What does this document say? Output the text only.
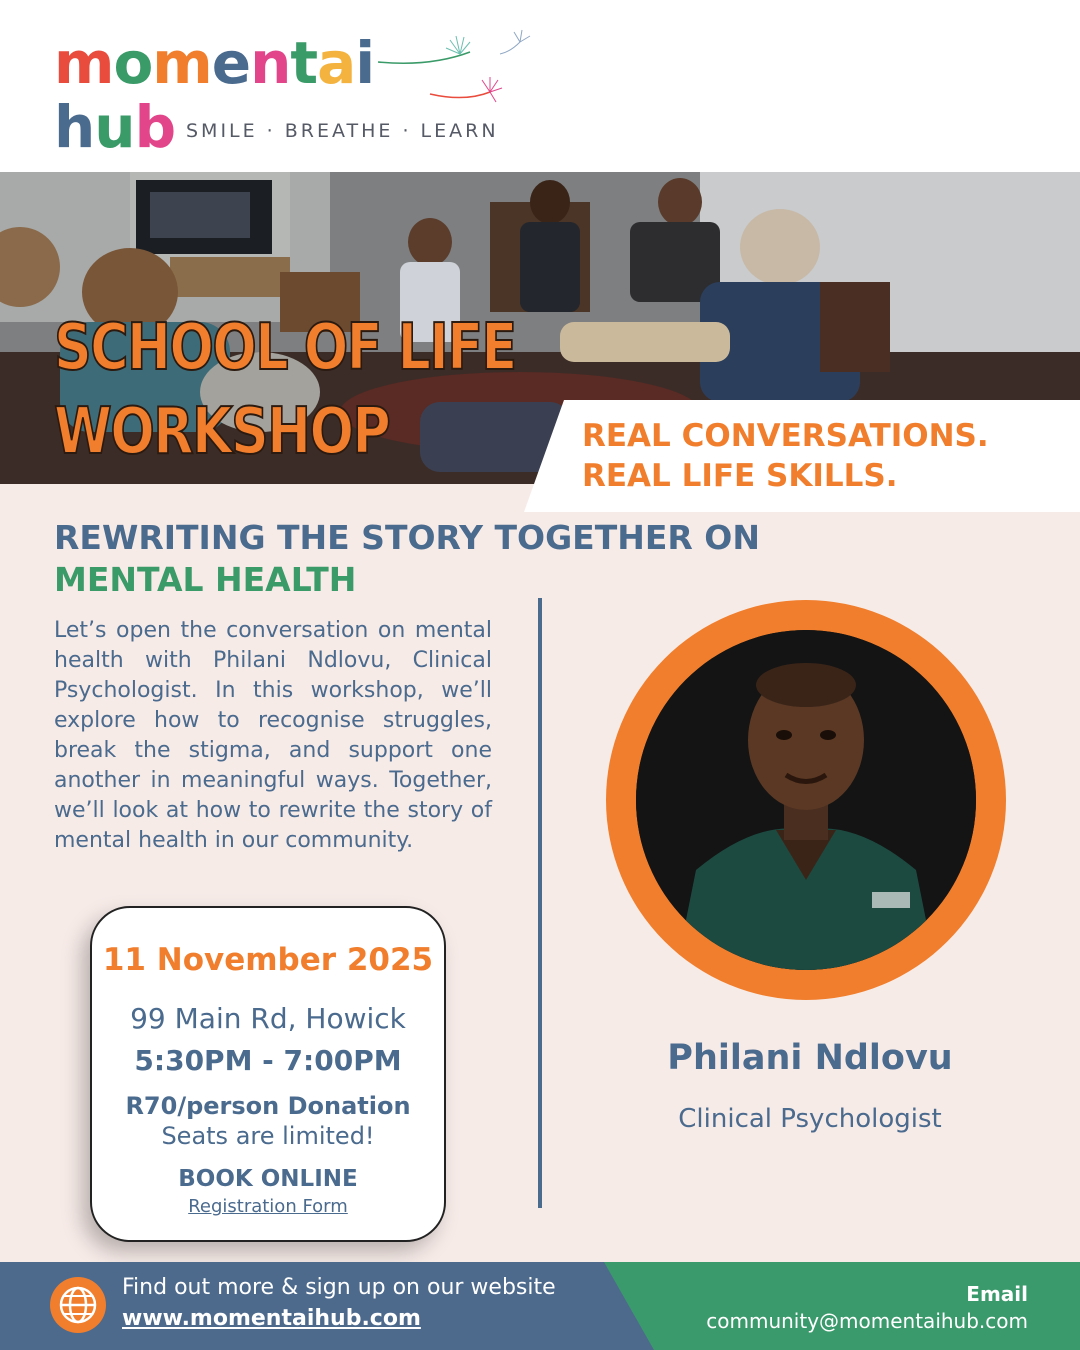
momentai
hub SMILE · BREATHE · LEARN
SCHOOL OF LIFE
WORKSHOP	REAL CONVERSATIONS.
REAL LIFE SKILLS.
REWRITING THE STORY TOGETHER ON
MENTAL HEALTH
Let’s open the conversation on mental health with Philani Ndlovu, Clinical Psychologist. In this workshop, we’ll explore how to recognise struggles, break the stigma, and support one another in meaningful ways. Together, we’ll look at how to rewrite the story of mental health in our community.
11 November 2025
99 Main Rd, Howick
5:30PM - 7:00PM
R70/person Donation
Seats are limited!
BOOK ONLINE
Registration Form
Philani Ndlovu
Clinical Psychologist
Find out more & sign up on our website
www.momentaihub.com
Email
community@momentaihub.com
